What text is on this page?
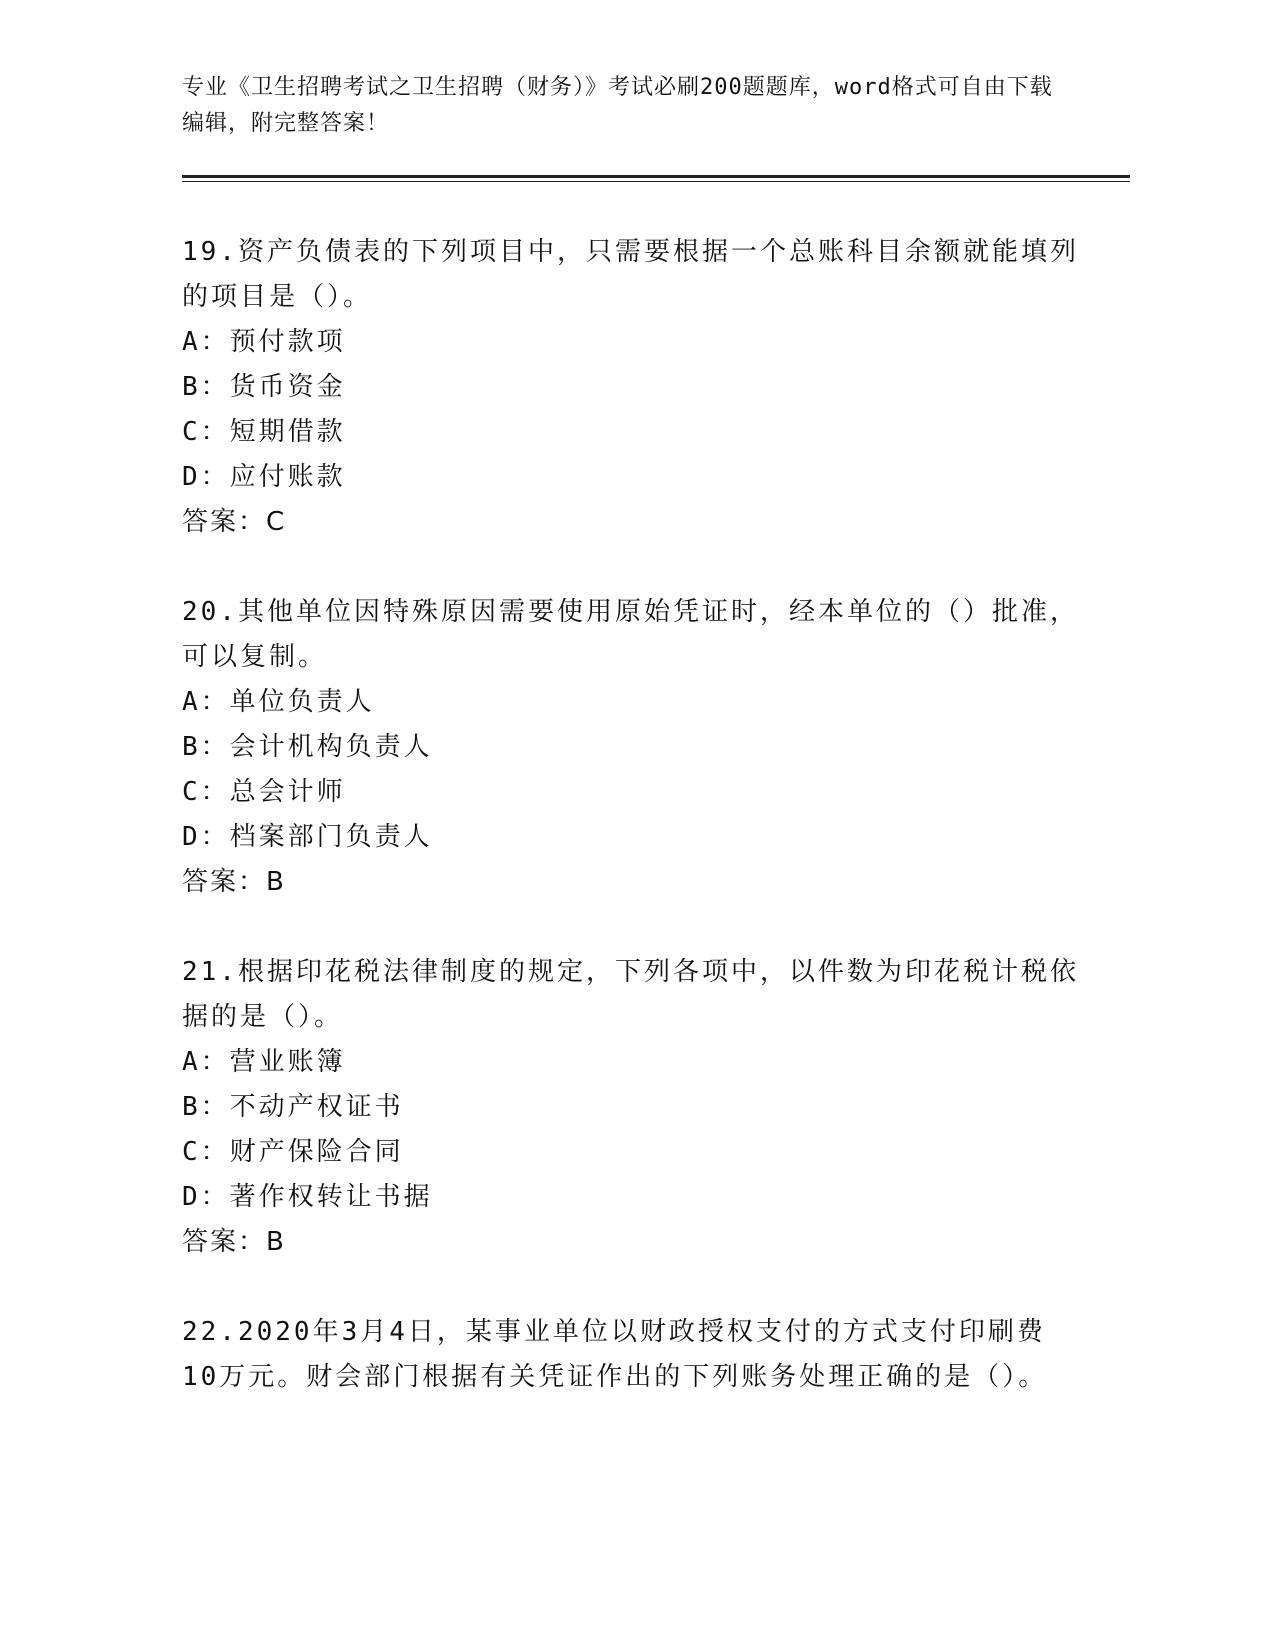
专业《卫生招聘考试之卫生招聘（财务）》考试必刷200题题库，word格式可自由下载编辑，附完整答案！

19.资产负债表的下列项目中，只需要根据一个总账科目余额就能填列的项目是（）。

A：预付款项
B：货币资金
C：短期借款
D：应付账款
答案：C

20.其他单位因特殊原因需要使用原始凭证时，经本单位的（）批准，可以复制。

A：单位负责人
B：会计机构负责人
C：总会计师
D：档案部门负责人
答案：B

21.根据印花税法律制度的规定，下列各项中，以件数为印花税计税依据的是（）。

A：营业账簿
B：不动产权证书
C：财产保险合同
D：著作权转让书据
答案：B

22.2020年3月4日，某事业单位以财政授权支付的方式支付印刷费10万元。财会部门根据有关凭证作出的下列账务处理正确的是（）。
